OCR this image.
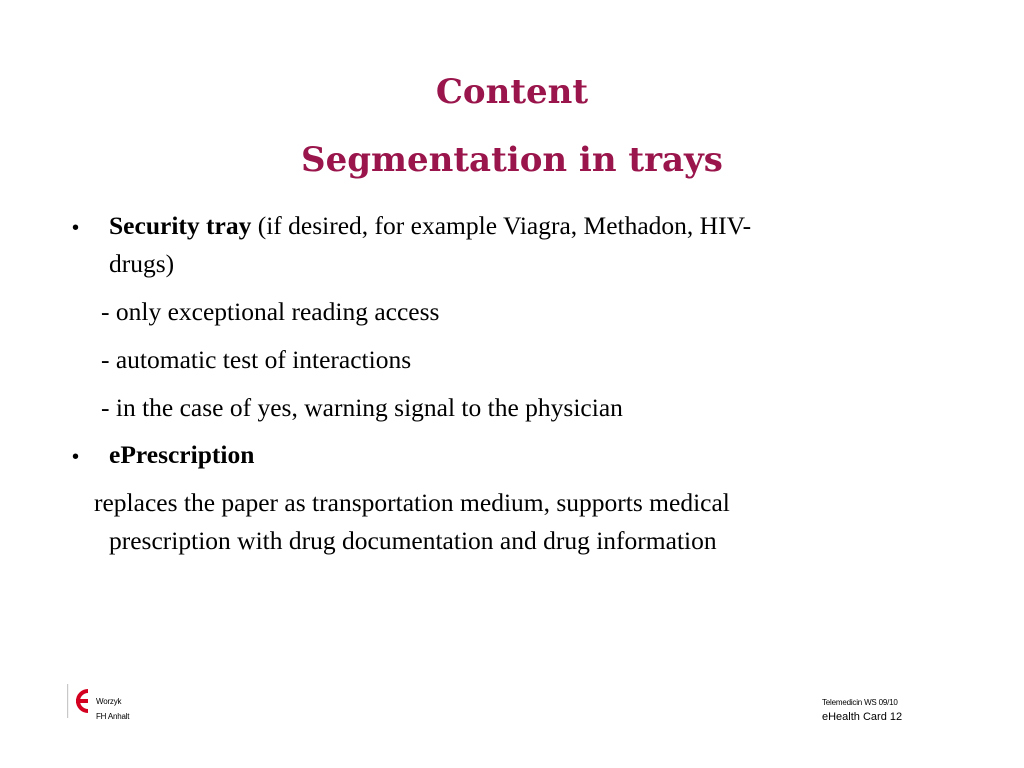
Content
Segmentation in trays
• Security tray (if desired, for example Viagra, Methadon, HIV-
drugs)
- only exceptional reading access
- automatic test of interactions
- in the case of yes, warning signal to the physician
• ePrescription
replaces the paper as transportation medium, supports medical
prescription with drug documentation and drug information
Worzyk
FH Anhalt
Telemedicin WS 09/10
eHealth Card 12
